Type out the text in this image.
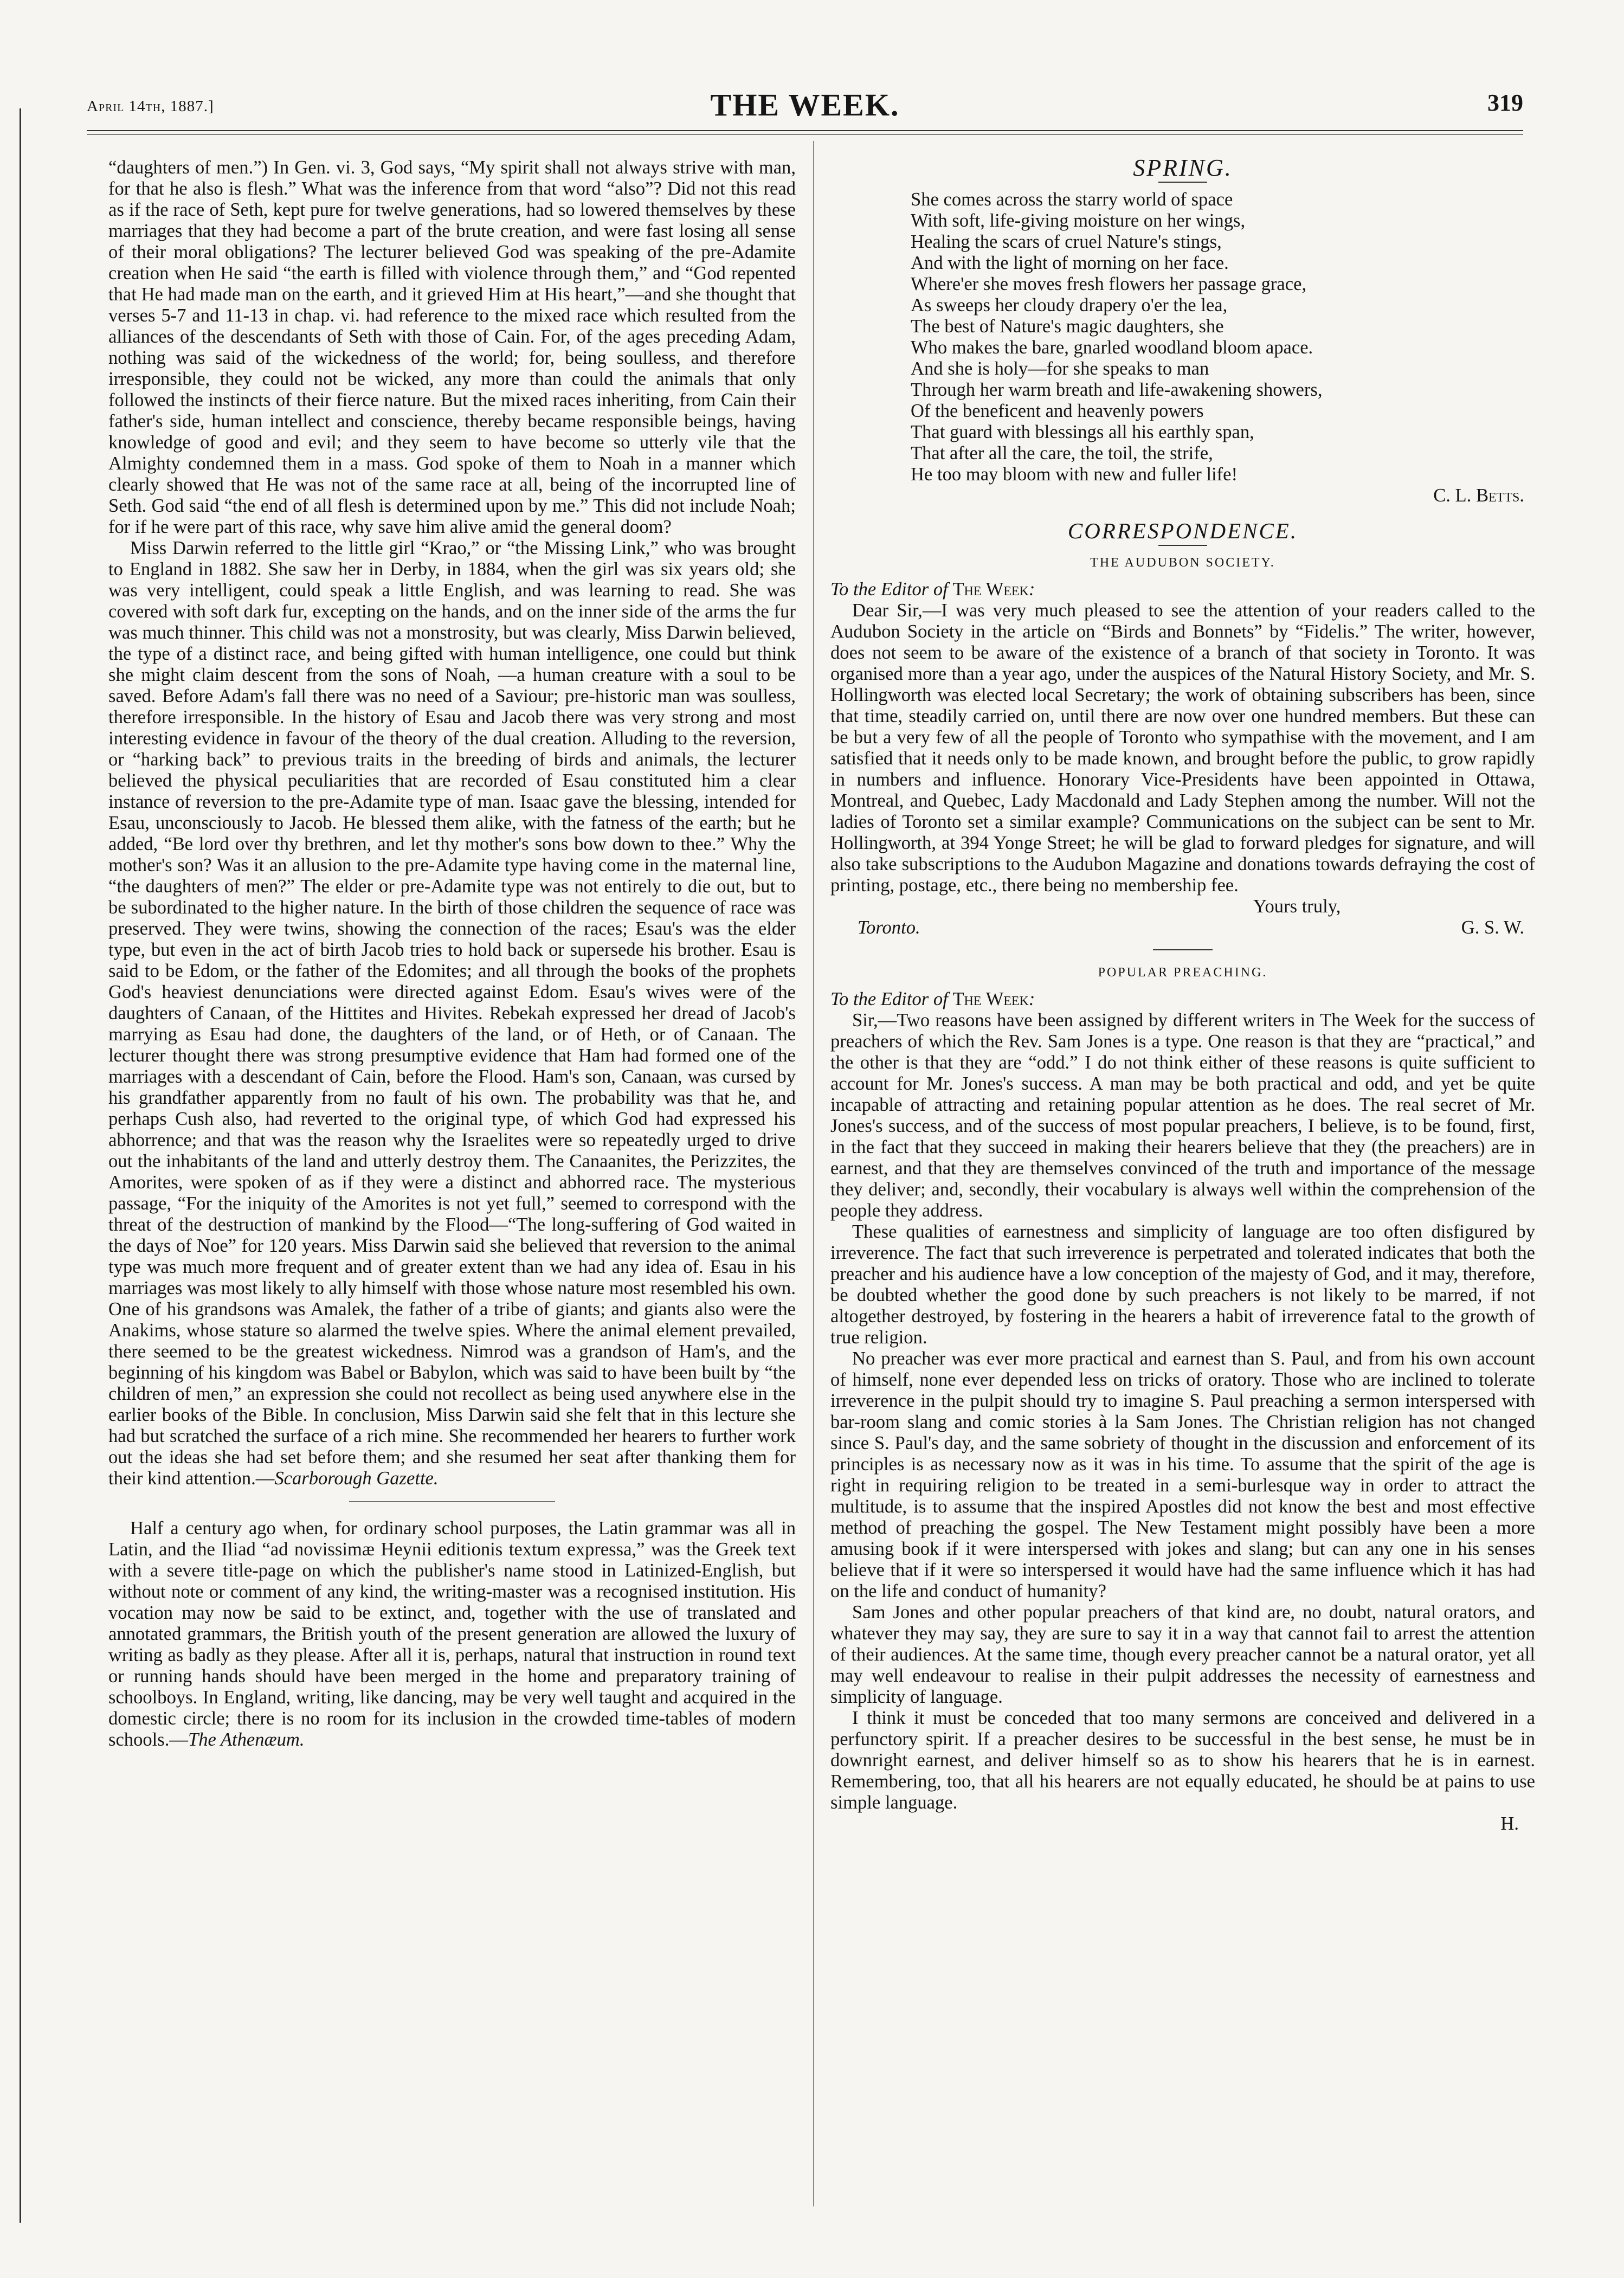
April 14th, 1887.]	THE WEEK.	319

“daughters of men.”) In Gen. vi. 3, God says, “My spirit shall not always strive with man, for that he also is flesh.” What was the inference from that word “also”? Did not this read as if the race of Seth, kept pure for twelve generations, had so lowered themselves by these marriages that they had become a part of the brute creation, and were fast losing all sense of their moral obligations? The lecturer believed God was speaking of the pre-Adamite creation when He said “the earth is filled with violence through them,” and “God repented that He had made man on the earth, and it grieved Him at His heart,”—and she thought that verses 5-7 and 11-13 in chap. vi. had reference to the mixed race which resulted from the alliances of the descendants of Seth with those of Cain. For, of the ages preceding Adam, nothing was said of the wickedness of the world; for, being soulless, and therefore irresponsible, they could not be wicked, any more than could the animals that only followed the instincts of their fierce nature. But the mixed races inheriting, from Cain their father's side, human intellect and conscience, thereby became responsible beings, having knowledge of good and evil; and they seem to have become so utterly vile that the Almighty condemned them in a mass. God spoke of them to Noah in a manner which clearly showed that He was not of the same race at all, being of the incorrupted line of Seth. God said “the end of all flesh is determined upon by me.” This did not include Noah; for if he were part of this race, why save him alive amid the general doom?

Miss Darwin referred to the little girl “Krao,” or “the Missing Link,” who was brought to England in 1882. She saw her in Derby, in 1884, when the girl was six years old; she was very intelligent, could speak a little English, and was learning to read. She was covered with soft dark fur, excepting on the hands, and on the inner side of the arms the fur was much thinner. This child was not a monstrosity, but was clearly, Miss Darwin believed, the type of a distinct race, and being gifted with human intelligence, one could but think she might claim descent from the sons of Noah, —a human creature with a soul to be saved. Before Adam's fall there was no need of a Saviour; pre-historic man was soulless, therefore irresponsible. In the history of Esau and Jacob there was very strong and most interesting evidence in favour of the theory of the dual creation. Alluding to the reversion, or “harking back” to previous traits in the breeding of birds and animals, the lecturer believed the physical peculiarities that are recorded of Esau constituted him a clear instance of reversion to the pre-Adamite type of man. Isaac gave the blessing, intended for Esau, unconsciously to Jacob. He blessed them alike, with the fatness of the earth; but he added, “Be lord over thy brethren, and let thy mother's sons bow down to thee.” Why the mother's son? Was it an allusion to the pre-Adamite type having come in the maternal line, “the daughters of men?” The elder or pre-Adamite type was not entirely to die out, but to be subordinated to the higher nature. In the birth of those children the sequence of race was preserved. They were twins, showing the connection of the races; Esau's was the elder type, but even in the act of birth Jacob tries to hold back or supersede his brother. Esau is said to be Edom, or the father of the Edomites; and all through the books of the prophets God's heaviest denunciations were directed against Edom. Esau's wives were of the daughters of Canaan, of the Hittites and Hivites. Rebekah expressed her dread of Jacob's marrying as Esau had done, the daughters of the land, or of Heth, or of Canaan. The lecturer thought there was strong presumptive evidence that Ham had formed one of the marriages with a descendant of Cain, before the Flood. Ham's son, Canaan, was cursed by his grandfather apparently from no fault of his own. The probability was that he, and perhaps Cush also, had reverted to the original type, of which God had expressed his abhorrence; and that was the reason why the Israelites were so repeatedly urged to drive out the inhabitants of the land and utterly destroy them. The Canaanites, the Perizzites, the Amorites, were spoken of as if they were a distinct and abhorred race. The mysterious passage, “For the iniquity of the Amorites is not yet full,” seemed to correspond with the threat of the destruction of mankind by the Flood—“The long-suffering of God waited in the days of Noe” for 120 years. Miss Darwin said she believed that reversion to the animal type was much more frequent and of greater extent than we had any idea of. Esau in his marriages was most likely to ally himself with those whose nature most resembled his own. One of his grandsons was Amalek, the father of a tribe of giants; and giants also were the Anakims, whose stature so alarmed the twelve spies. Where the animal element prevailed, there seemed to be the greatest wickedness. Nimrod was a grandson of Ham's, and the beginning of his kingdom was Babel or Babylon, which was said to have been built by “the children of men,” an expression she could not recollect as being used anywhere else in the earlier books of the Bible. In conclusion, Miss Darwin said she felt that in this lecture she had but scratched the surface of a rich mine. She recommended her hearers to further work out the ideas she had set before them; and she resumed her seat after thanking them for their kind attention.—Scarborough Gazette.

Half a century ago when, for ordinary school purposes, the Latin grammar was all in Latin, and the Iliad “ad novissimæ Heynii editionis textum expressa,” was the Greek text with a severe title-page on which the publisher's name stood in Latinized-English, but without note or comment of any kind, the writing-master was a recognised institution. His vocation may now be said to be extinct, and, together with the use of translated and annotated grammars, the British youth of the present generation are allowed the luxury of writing as badly as they please. After all it is, perhaps, natural that instruction in round text or running hands should have been merged in the home and preparatory training of schoolboys. In England, writing, like dancing, may be very well taught and acquired in the domestic circle; there is no room for its inclusion in the crowded time-tables of modern schools.—The Athenæum.

SPRING.
She comes across the starry world of space
With soft, life-giving moisture on her wings,
Healing the scars of cruel Nature's stings,
And with the light of morning on her face.
Where'er she moves fresh flowers her passage grace,
As sweeps her cloudy drapery o'er the lea,
The best of Nature's magic daughters, she
Who makes the bare, gnarled woodland bloom apace.
And she is holy—for she speaks to man
Through her warm breath and life-awakening showers,
Of the beneficent and heavenly powers
That guard with blessings all his earthly span,
That after all the care, the toil, the strife,
He too may bloom with new and fuller life!
C. L. Betts.
CORRESPONDENCE.
THE AUDUBON SOCIETY.

To the Editor of The Week:

Dear Sir,—I was very much pleased to see the attention of your readers called to the Audubon Society in the article on “Birds and Bonnets” by “Fidelis.” The writer, however, does not seem to be aware of the existence of a branch of that society in Toronto. It was organised more than a year ago, under the auspices of the Natural History Society, and Mr. S. Hollingworth was elected local Secretary; the work of obtaining subscribers has been, since that time, steadily carried on, until there are now over one hundred members. But these can be but a very few of all the people of Toronto who sympathise with the movement, and I am satisfied that it needs only to be made known, and brought before the public, to grow rapidly in numbers and influence. Honorary Vice-Presidents have been appointed in Ottawa, Montreal, and Quebec, Lady Macdonald and Lady Stephen among the number. Will not the ladies of Toronto set a similar example? Communications on the subject can be sent to Mr. Hollingworth, at 394 Yonge Street; he will be glad to forward pledges for signature, and will also take subscriptions to the Audubon Magazine and donations towards defraying the cost of printing, postage, etc., there being no membership fee.

Yours truly,
Toronto.	G. S. W.
POPULAR PREACHING.

To the Editor of The Week:

Sir,—Two reasons have been assigned by different writers in The Week for the success of preachers of which the Rev. Sam Jones is a type. One reason is that they are “practical,” and the other is that they are “odd.” I do not think either of these reasons is quite sufficient to account for Mr. Jones's success. A man may be both practical and odd, and yet be quite incapable of attracting and retaining popular attention as he does. The real secret of Mr. Jones's success, and of the success of most popular preachers, I believe, is to be found, first, in the fact that they succeed in making their hearers believe that they (the preachers) are in earnest, and that they are themselves convinced of the truth and importance of the message they deliver; and, secondly, their vocabulary is always well within the comprehension of the people they address.

These qualities of earnestness and simplicity of language are too often disfigured by irreverence. The fact that such irreverence is perpetrated and tolerated indicates that both the preacher and his audience have a low conception of the majesty of God, and it may, therefore, be doubted whether the good done by such preachers is not likely to be marred, if not altogether destroyed, by fostering in the hearers a habit of irreverence fatal to the growth of true religion.

No preacher was ever more practical and earnest than S. Paul, and from his own account of himself, none ever depended less on tricks of oratory. Those who are inclined to tolerate irreverence in the pulpit should try to imagine S. Paul preaching a sermon interspersed with bar-room slang and comic stories à la Sam Jones. The Christian religion has not changed since S. Paul's day, and the same sobriety of thought in the discussion and enforcement of its principles is as necessary now as it was in his time. To assume that the spirit of the age is right in requiring religion to be treated in a semi-burlesque way in order to attract the multitude, is to assume that the inspired Apostles did not know the best and most effective method of preaching the gospel. The New Testament might possibly have been a more amusing book if it were interspersed with jokes and slang; but can any one in his senses believe that if it were so interspersed it would have had the same influence which it has had on the life and conduct of humanity?

Sam Jones and other popular preachers of that kind are, no doubt, natural orators, and whatever they may say, they are sure to say it in a way that cannot fail to arrest the attention of their audiences. At the same time, though every preacher cannot be a natural orator, yet all may well endeavour to realise in their pulpit addresses the necessity of earnestness and simplicity of language.

I think it must be conceded that too many sermons are conceived and delivered in a perfunctory spirit. If a preacher desires to be successful in the best sense, he must be in downright earnest, and deliver himself so as to show his hearers that he is in earnest. Remembering, too, that all his hearers are not equally educated, he should be at pains to use simple language.

H.
